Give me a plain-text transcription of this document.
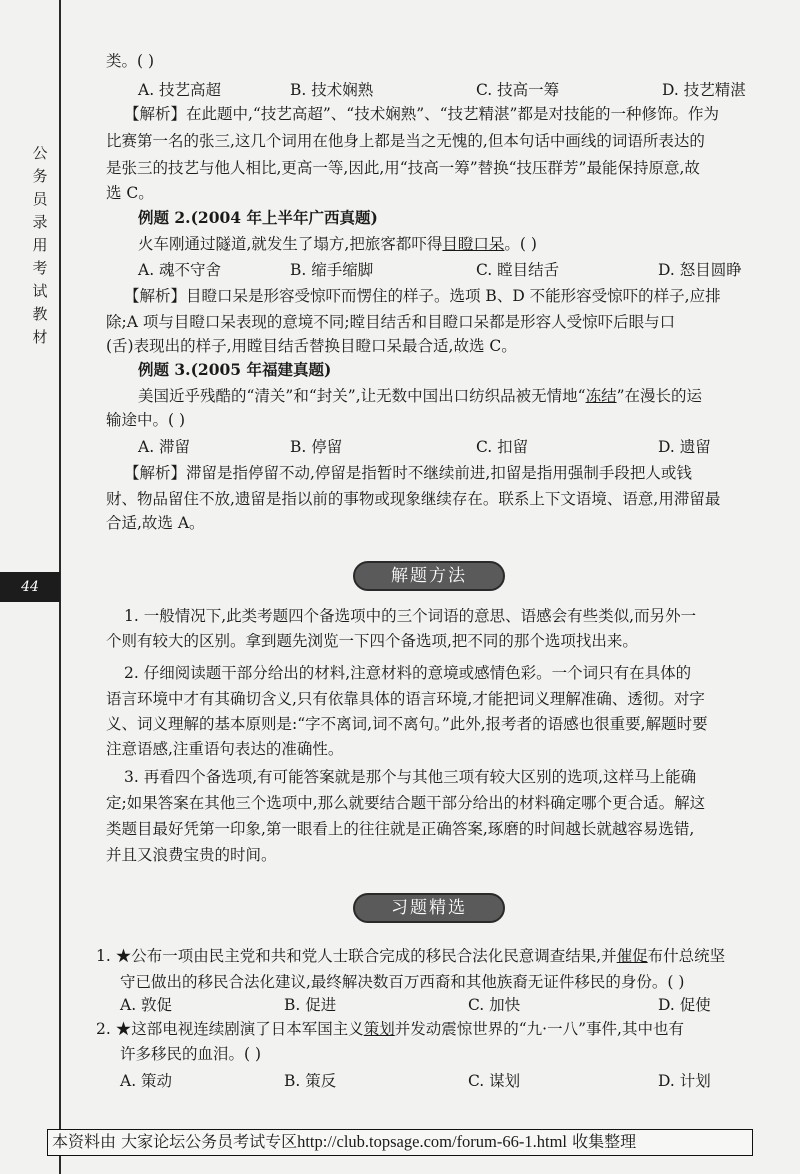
公
务
员
录
用
考
试
教
材
44
类。( )
A. 技艺高超	B. 技术娴熟	C. 技高一筹	D. 技艺精湛
【解析】在此题中,“技艺高超”、“技术娴熟”、“技艺精湛”都是对技能的一种修饰。作为
比赛第一名的张三,这几个词用在他身上都是当之无愧的,但本句话中画线的词语所表达的
是张三的技艺与他人相比,更高一等,因此,用“技高一筹”替换“技压群芳”最能保持原意,故
选 C。
例题 2.(2004 年上半年广西真题)
火车刚通过隧道,就发生了塌方,把旅客都吓得目瞪口呆。( )
A. 魂不守舍	B. 缩手缩脚	C. 瞠目结舌	D. 怒目圆睁
【解析】目瞪口呆是形容受惊吓而愣住的样子。选项 B、D 不能形容受惊吓的样子,应排
除;A 项与目瞪口呆表现的意境不同;瞠目结舌和目瞪口呆都是形容人受惊吓后眼与口
(舌)表现出的样子,用瞠目结舌替换目瞪口呆最合适,故选 C。
例题 3.(2005 年福建真题)
美国近乎残酷的“清关”和“封关”,让无数中国出口纺织品被无情地“冻结”在漫长的运
输途中。( )
A. 滞留	B. 停留	C. 扣留	D. 遗留
【解析】滞留是指停留不动,停留是指暂时不继续前进,扣留是指用强制手段把人或钱
财、物品留住不放,遗留是指以前的事物或现象继续存在。联系上下文语境、语意,用滞留最
合适,故选 A。
1. 一般情况下,此类考题四个备选项中的三个词语的意思、语感会有些类似,而另外一
个则有较大的区别。拿到题先浏览一下四个备选项,把不同的那个选项找出来。
2. 仔细阅读题干部分给出的材料,注意材料的意境或感情色彩。一个词只有在具体的
语言环境中才有其确切含义,只有依靠具体的语言环境,才能把词义理解准确、透彻。对字
义、词义理解的基本原则是:“字不离词,词不离句。”此外,报考者的语感也很重要,解题时要
注意语感,注重语句表达的准确性。
3. 再看四个备选项,有可能答案就是那个与其他三项有较大区别的选项,这样马上能确
定;如果答案在其他三个选项中,那么就要结合题干部分给出的材料确定哪个更合适。解这
类题目最好凭第一印象,第一眼看上的往往就是正确答案,琢磨的时间越长就越容易选错,
并且又浪费宝贵的时间。
1. ★公布一项由民主党和共和党人士联合完成的移民合法化民意调查结果,并催促布什总统坚
守已做出的移民合法化建议,最终解决数百万西裔和其他族裔无证件移民的身份。( )
A. 敦促	B. 促进	C. 加快	D. 促使
2. ★这部电视连续剧演了日本军国主义策划并发动震惊世界的“九·一八”事件,其中也有
许多移民的血泪。( )
A. 策动	B. 策反	C. 谋划	D. 计划
解题方法
习题精选
本资料由 大家论坛公务员考试专区http://club.topsage.com/forum-66-1.html 收集整理
